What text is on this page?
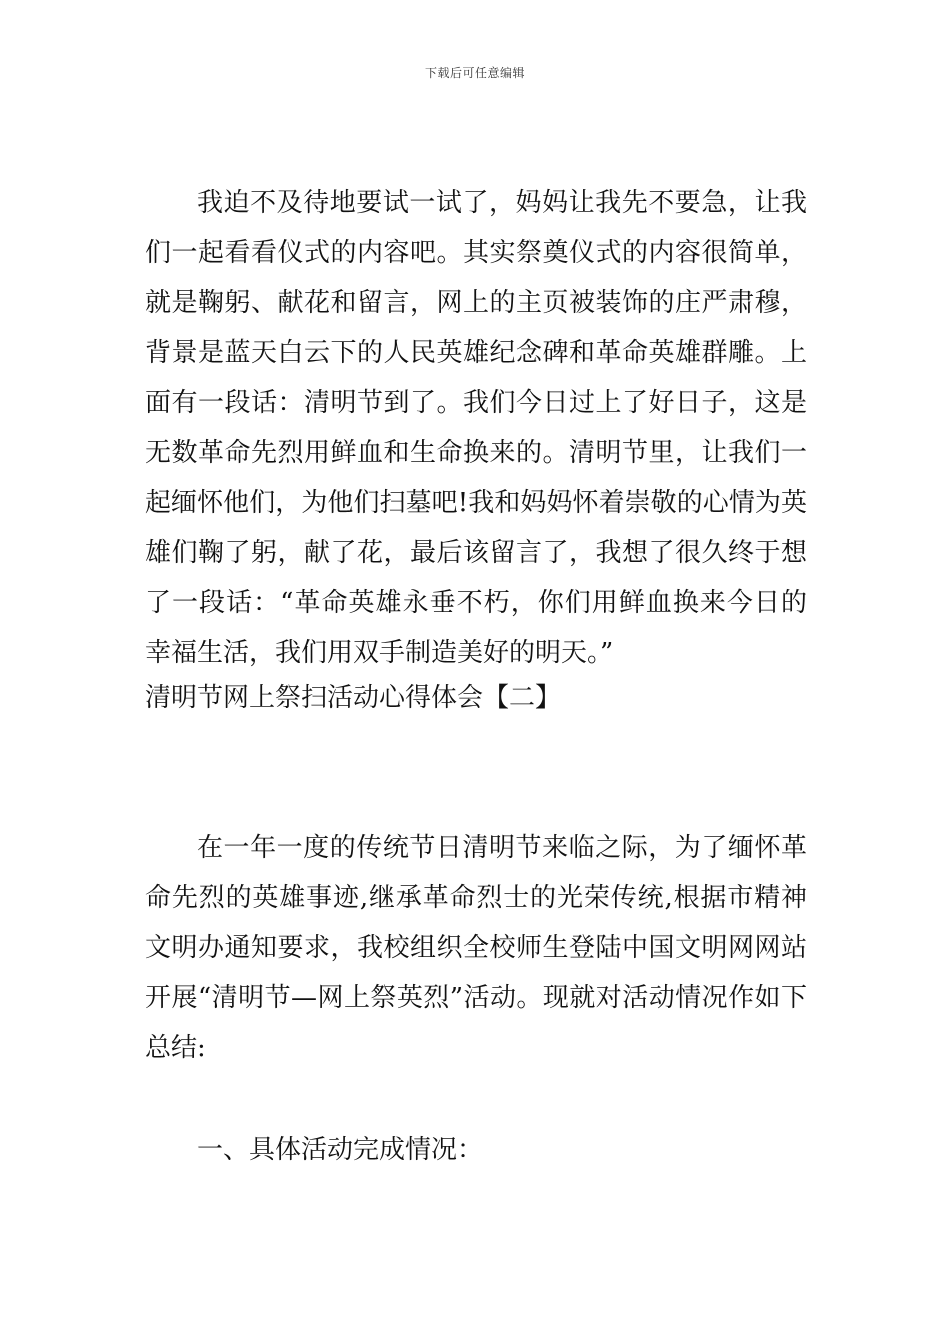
下载后可任意编辑

我迫不及待地要试一试了，妈妈让我先不要急，让我们一起看看仪式的内容吧。其实祭奠仪式的内容很简单，就是鞠躬、献花和留言，网上的主页被装饰的庄严肃穆，背景是蓝天白云下的人民英雄纪念碑和革命英雄群雕。上面有一段话：清明节到了。我们今日过上了好日子，这是无数革命先烈用鲜血和生命换来的。清明节里，让我们一起缅怀他们，为他们扫墓吧!我和妈妈怀着崇敬的心情为英雄们鞠了躬，献了花，最后该留言了，我想了很久终于想了一段话：“革命英雄永垂不朽，你们用鲜血换来今日的幸福生活，我们用双手制造美好的明天。”

清明节网上祭扫活动心得体会【二】

在一年一度的传统节日清明节来临之际，为了缅怀革命先烈的英雄事迹,继承革命烈士的光荣传统,根据市精神文明办通知要求，我校组织全校师生登陆中国文明网网站开展“清明节—网上祭英烈”活动。现就对活动情况作如下总结:

一、具体活动完成情况：
